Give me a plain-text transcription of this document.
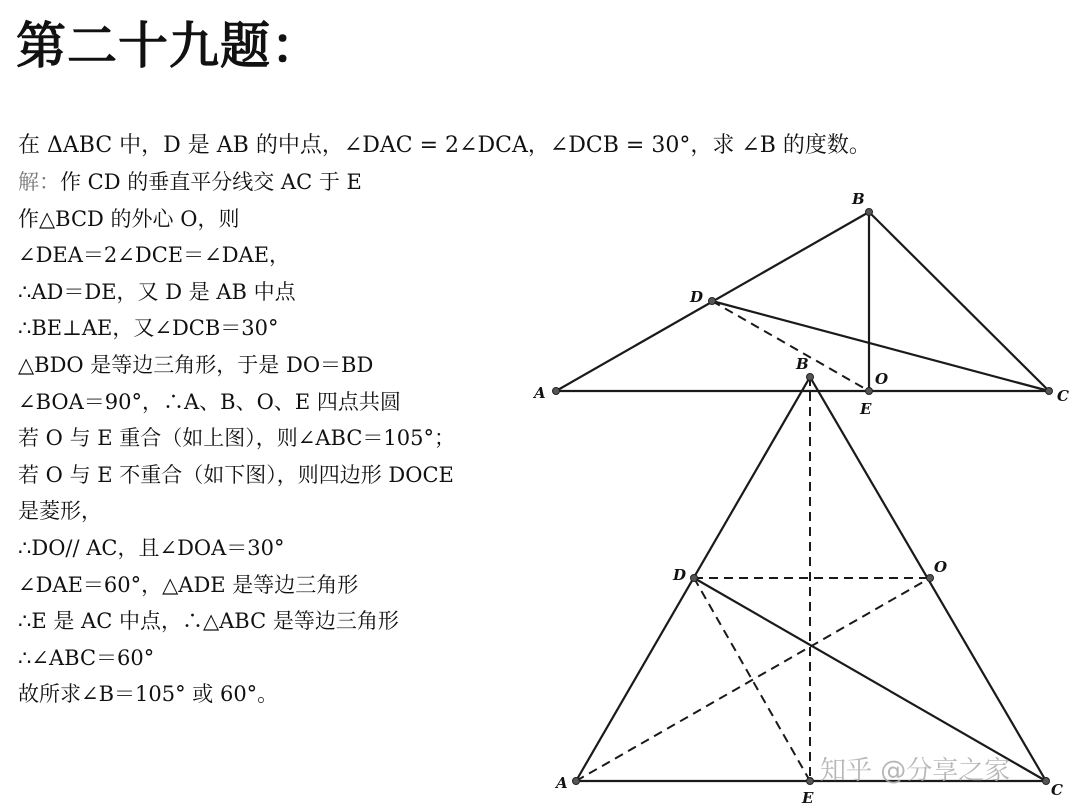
第二十九题：
在 ΔABC 中，D 是 AB 的中点，∠DAC = 2∠DCA，∠DCB = 30°，求 ∠B 的度数。
解：作 CD 的垂直平分线交 AC 于 E
作△BCD 的外心 O，则
∠DEA＝2∠DCE＝∠DAE，
∴AD＝DE，又 D 是 AB 中点
∴BE⊥AE，又∠DCB＝30°
△BDO 是等边三角形，于是 DO＝BD
∠BOA＝90°，∴A、B、O、E 四点共圆
若 O 与 E 重合（如上图），则∠ABC＝105°；
若 O 与 E 不重合（如下图），则四边形 DOCE
是菱形，
∴DO// AC，且∠DOA＝30°
∠DAE＝60°，△ADE 是等边三角形
∴E 是 AC 中点，∴△ABC 是等边三角形
∴∠ABC＝60°
故所求∠B＝105° 或 60°。
A
B
C
D
E
O
A
B
C
D
E
O
知乎 @分享之家
